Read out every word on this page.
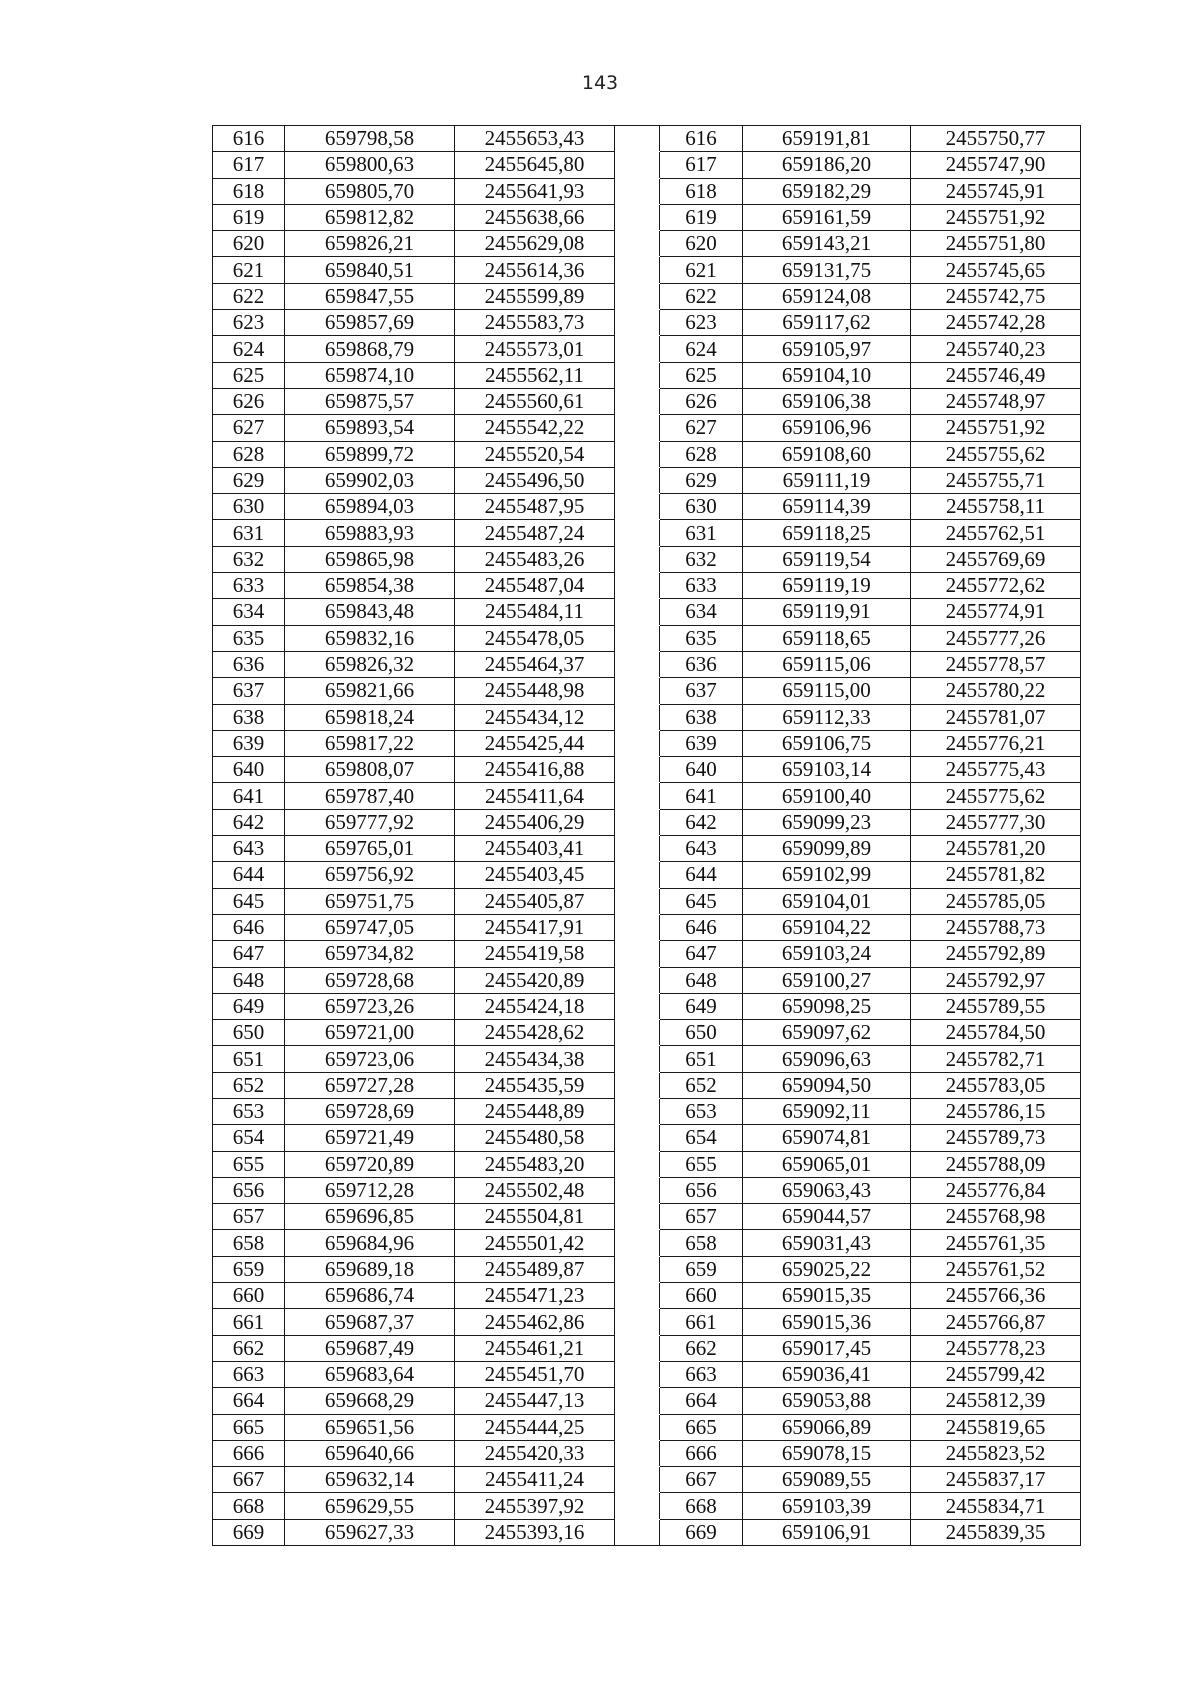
143
616	659798,58	2455653,43		616	659191,81	2455750,77
617	659800,63	2455645,80		617	659186,20	2455747,90
618	659805,70	2455641,93		618	659182,29	2455745,91
619	659812,82	2455638,66		619	659161,59	2455751,92
620	659826,21	2455629,08		620	659143,21	2455751,80
621	659840,51	2455614,36		621	659131,75	2455745,65
622	659847,55	2455599,89		622	659124,08	2455742,75
623	659857,69	2455583,73		623	659117,62	2455742,28
624	659868,79	2455573,01		624	659105,97	2455740,23
625	659874,10	2455562,11		625	659104,10	2455746,49
626	659875,57	2455560,61		626	659106,38	2455748,97
627	659893,54	2455542,22		627	659106,96	2455751,92
628	659899,72	2455520,54		628	659108,60	2455755,62
629	659902,03	2455496,50		629	659111,19	2455755,71
630	659894,03	2455487,95		630	659114,39	2455758,11
631	659883,93	2455487,24		631	659118,25	2455762,51
632	659865,98	2455483,26		632	659119,54	2455769,69
633	659854,38	2455487,04		633	659119,19	2455772,62
634	659843,48	2455484,11		634	659119,91	2455774,91
635	659832,16	2455478,05		635	659118,65	2455777,26
636	659826,32	2455464,37		636	659115,06	2455778,57
637	659821,66	2455448,98		637	659115,00	2455780,22
638	659818,24	2455434,12		638	659112,33	2455781,07
639	659817,22	2455425,44		639	659106,75	2455776,21
640	659808,07	2455416,88		640	659103,14	2455775,43
641	659787,40	2455411,64		641	659100,40	2455775,62
642	659777,92	2455406,29		642	659099,23	2455777,30
643	659765,01	2455403,41		643	659099,89	2455781,20
644	659756,92	2455403,45		644	659102,99	2455781,82
645	659751,75	2455405,87		645	659104,01	2455785,05
646	659747,05	2455417,91		646	659104,22	2455788,73
647	659734,82	2455419,58		647	659103,24	2455792,89
648	659728,68	2455420,89		648	659100,27	2455792,97
649	659723,26	2455424,18		649	659098,25	2455789,55
650	659721,00	2455428,62		650	659097,62	2455784,50
651	659723,06	2455434,38		651	659096,63	2455782,71
652	659727,28	2455435,59		652	659094,50	2455783,05
653	659728,69	2455448,89		653	659092,11	2455786,15
654	659721,49	2455480,58		654	659074,81	2455789,73
655	659720,89	2455483,20		655	659065,01	2455788,09
656	659712,28	2455502,48		656	659063,43	2455776,84
657	659696,85	2455504,81		657	659044,57	2455768,98
658	659684,96	2455501,42		658	659031,43	2455761,35
659	659689,18	2455489,87		659	659025,22	2455761,52
660	659686,74	2455471,23		660	659015,35	2455766,36
661	659687,37	2455462,86		661	659015,36	2455766,87
662	659687,49	2455461,21		662	659017,45	2455778,23
663	659683,64	2455451,70		663	659036,41	2455799,42
664	659668,29	2455447,13		664	659053,88	2455812,39
665	659651,56	2455444,25		665	659066,89	2455819,65
666	659640,66	2455420,33		666	659078,15	2455823,52
667	659632,14	2455411,24		667	659089,55	2455837,17
668	659629,55	2455397,92		668	659103,39	2455834,71
669	659627,33	2455393,16		669	659106,91	2455839,35
